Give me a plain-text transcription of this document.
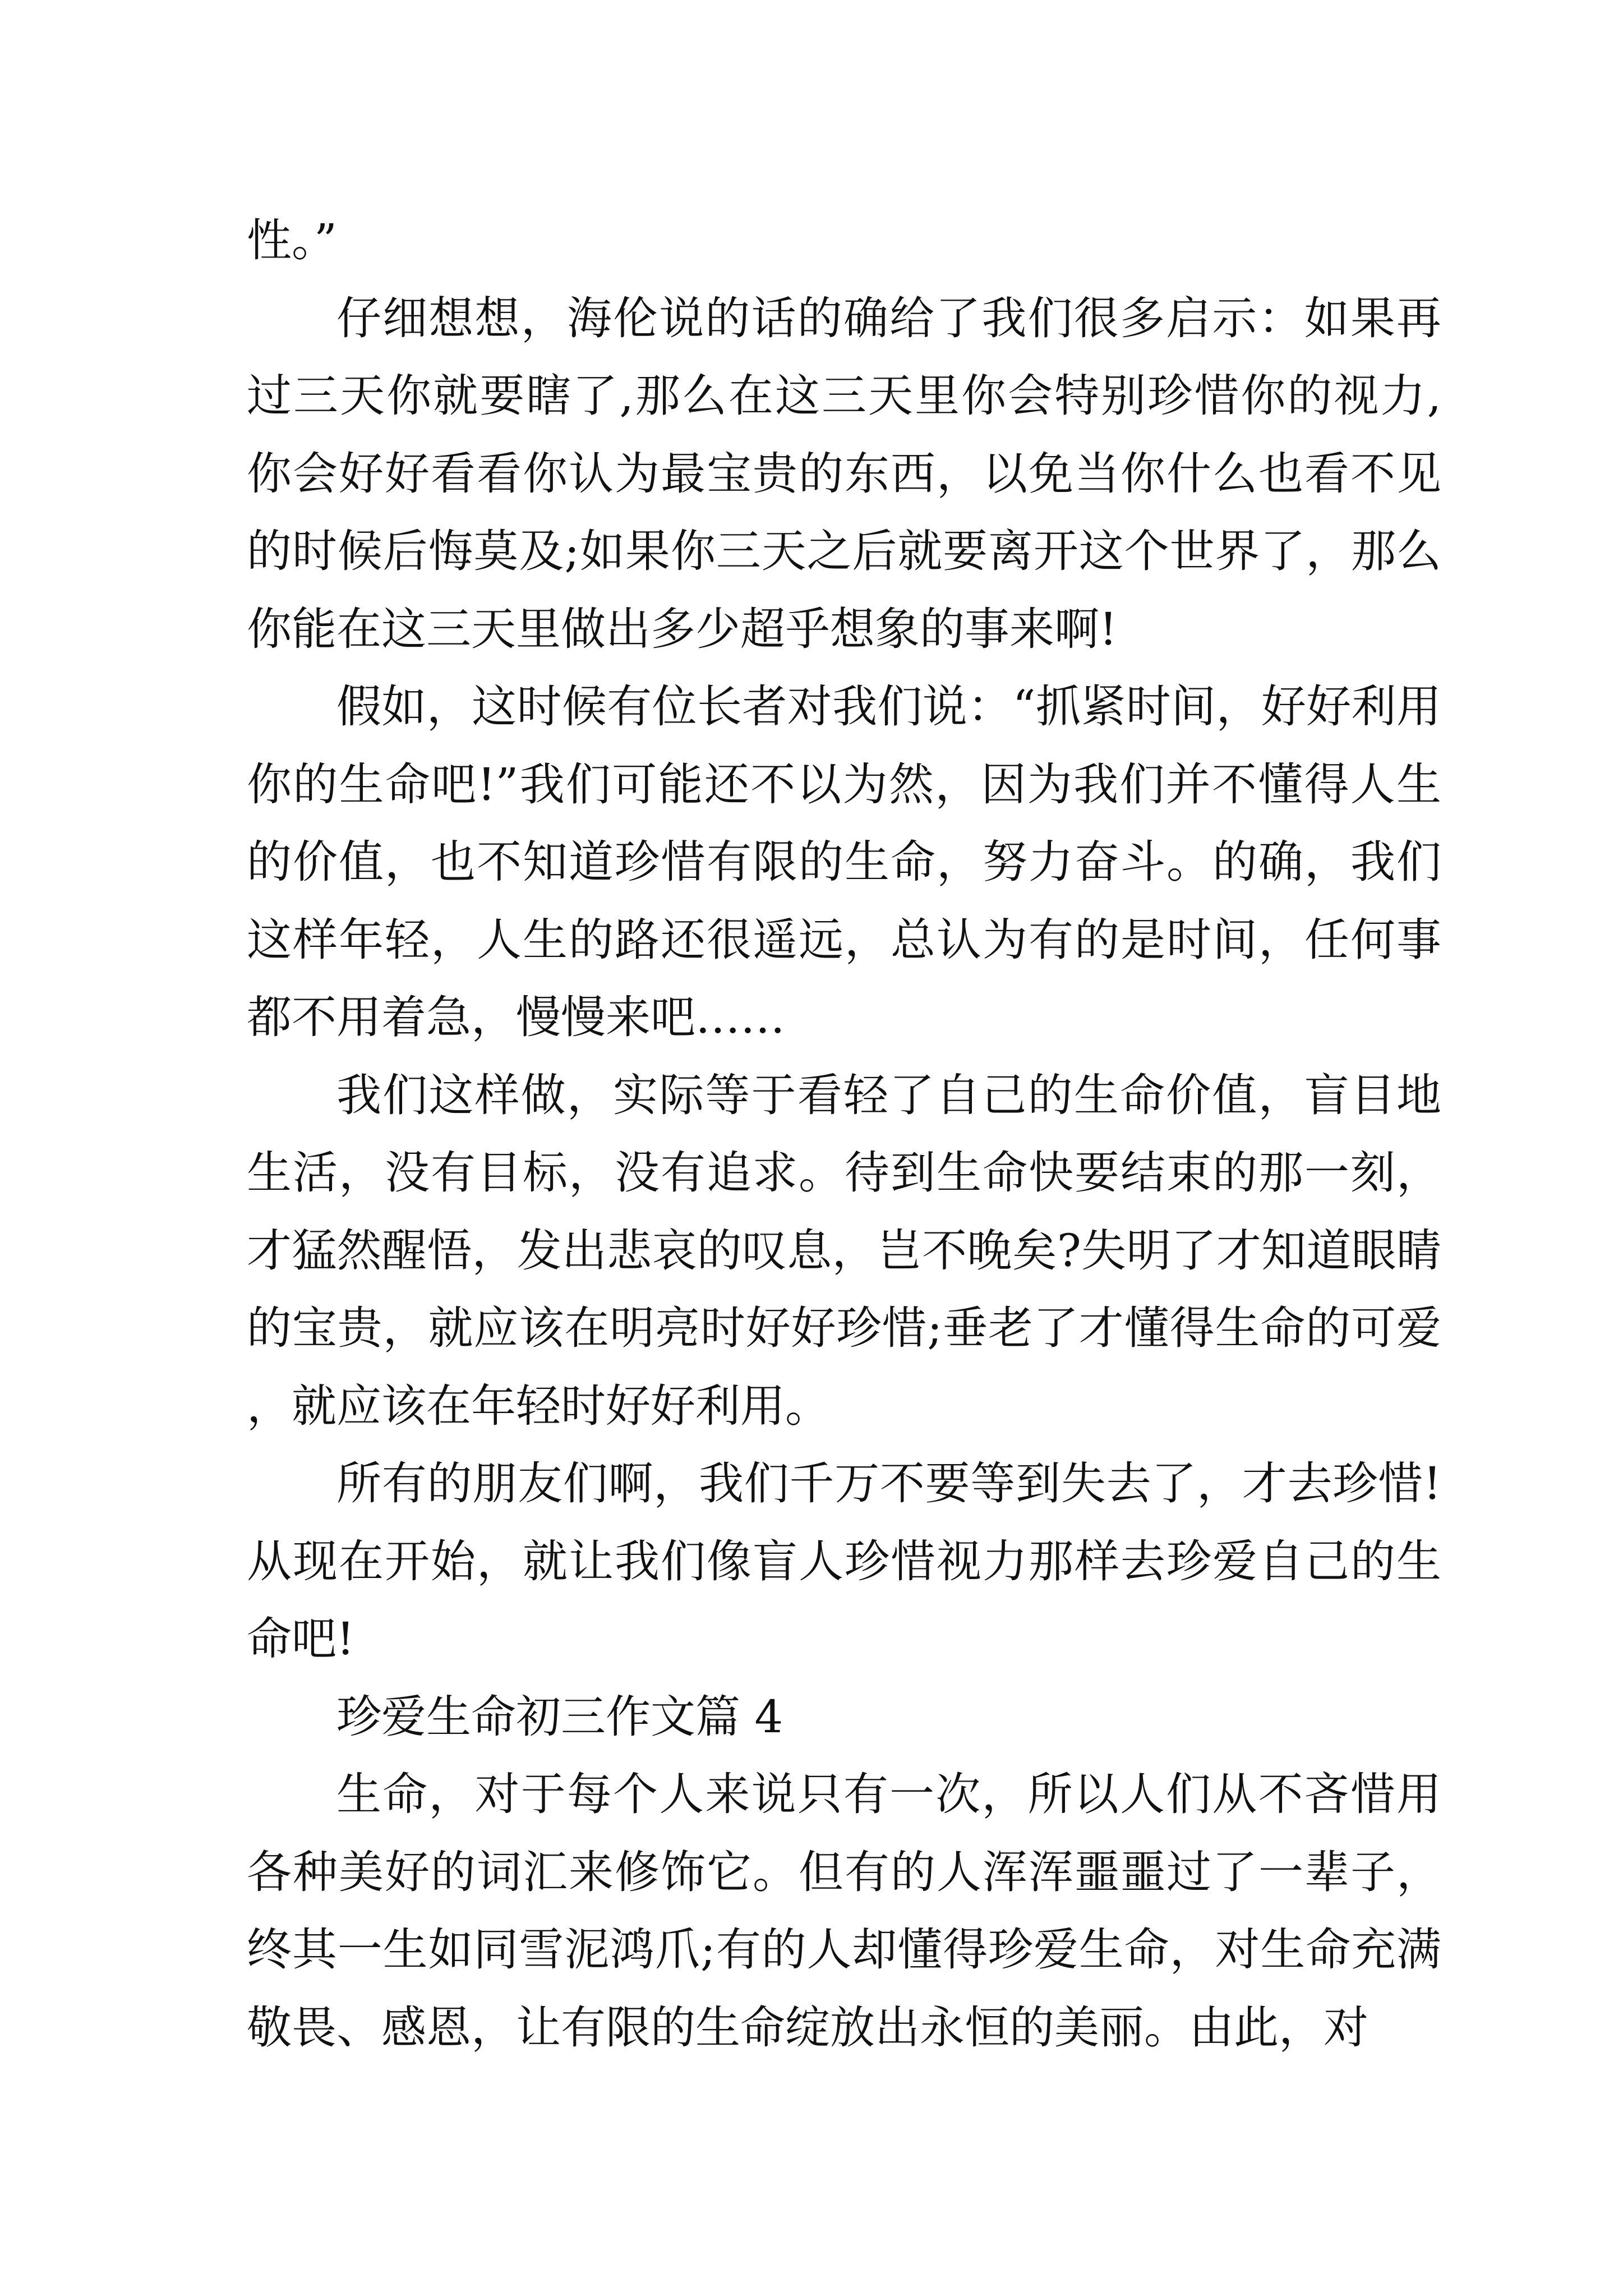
性。”

仔细想想，海伦说的话的确给了我们很多启示：如果再过三天你就要瞎了,那么在这三天里你会特别珍惜你的视力,你会好好看看你认为最宝贵的东西，以免当你什么也看不见的时候后悔莫及;如果你三天之后就要离开这个世界了，那么你能在这三天里做出多少超乎想象的事来啊!

假如，这时候有位长者对我们说：“抓紧时间，好好利用你的生命吧!”我们可能还不以为然，因为我们并不懂得人生的价值，也不知道珍惜有限的生命，努力奋斗。的确，我们这样年轻，人生的路还很遥远，总认为有的是时间，任何事都不用着急，慢慢来吧……

我们这样做，实际等于看轻了自己的生命价值，盲目地生活，没有目标，没有追求。待到生命快要结束的那一刻，才猛然醒悟，发出悲哀的叹息，岂不晚矣?失明了才知道眼睛的宝贵，就应该在明亮时好好珍惜;垂老了才懂得生命的可爱，就应该在年轻时好好利用。

所有的朋友们啊，我们千万不要等到失去了，才去珍惜!从现在开始，就让我们像盲人珍惜视力那样去珍爱自己的生命吧!

珍爱生命初三作文篇 4

生命，对于每个人来说只有一次，所以人们从不吝惜用各种美好的词汇来修饰它。但有的人浑浑噩噩过了一辈子，终其一生如同雪泥鸿爪;有的人却懂得珍爱生命，对生命充满敬畏、感恩，让有限的生命绽放出永恒的美丽。由此，对
